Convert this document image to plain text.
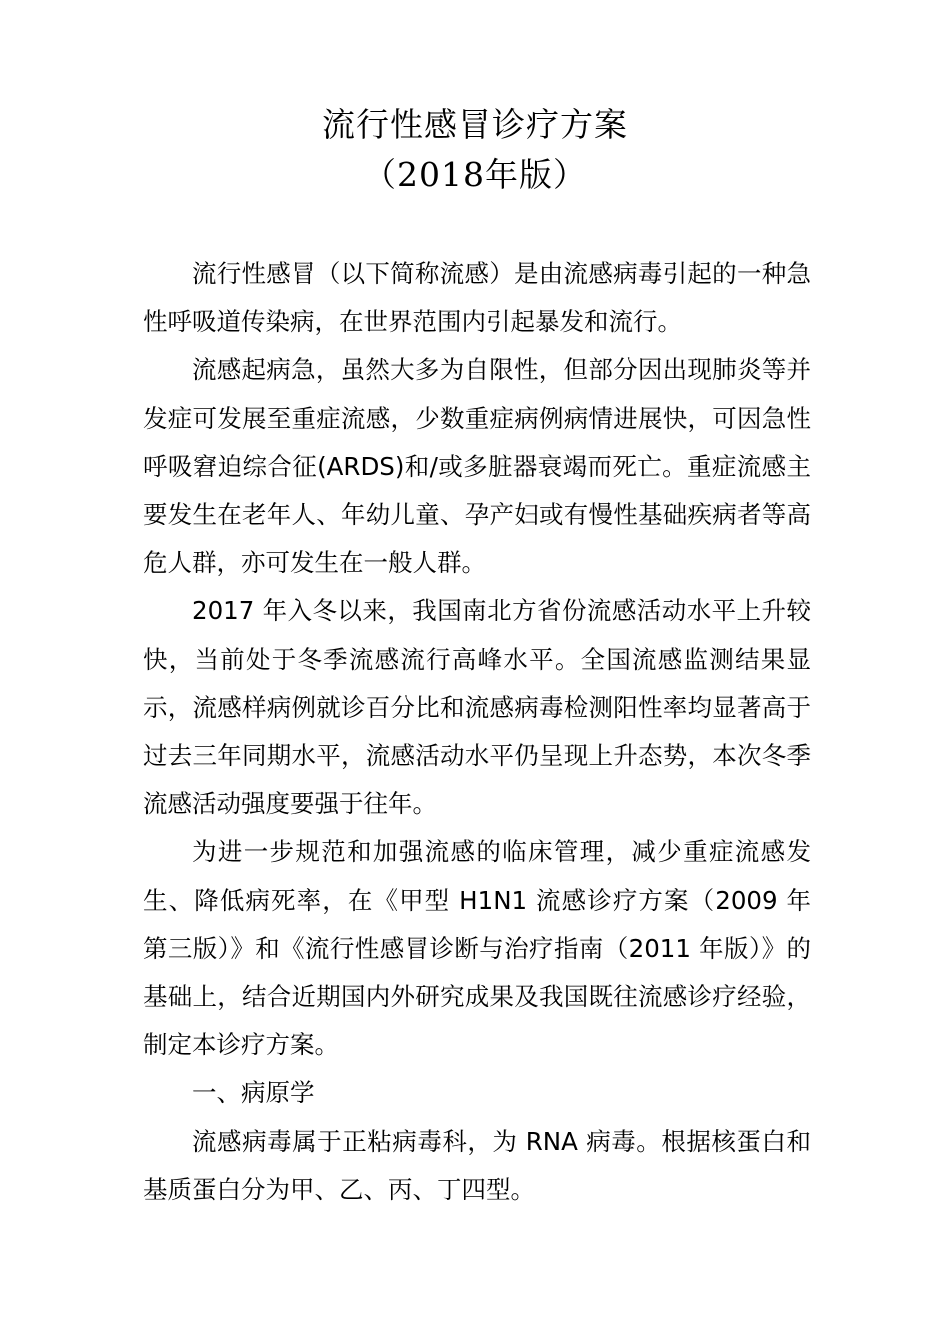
流行性感冒诊疗方案
（2018年版）

流行性感冒（以下简称流感）是由流感病毒引起的一种急性呼吸道传染病，在世界范围内引起暴发和流行。

流感起病急，虽然大多为自限性，但部分因出现肺炎等并发症可发展至重症流感，少数重症病例病情进展快，可因急性呼吸窘迫综合征(ARDS)和/或多脏器衰竭而死亡。重症流感主要发生在老年人、年幼儿童、孕产妇或有慢性基础疾病者等高危人群，亦可发生在一般人群。

2017 年入冬以来，我国南北方省份流感活动水平上升较快，当前处于冬季流感流行高峰水平。全国流感监测结果显示，流感样病例就诊百分比和流感病毒检测阳性率均显著高于过去三年同期水平，流感活动水平仍呈现上升态势，本次冬季流感活动强度要强于往年。

为进一步规范和加强流感的临床管理，减少重症流感发生、降低病死率，在《甲型 H1N1 流感诊疗方案（2009 年第三版）》和《流行性感冒诊断与治疗指南（2011 年版）》的基础上，结合近期国内外研究成果及我国既往流感诊疗经验，制定本诊疗方案。

一、病原学

流感病毒属于正粘病毒科，为 RNA 病毒。根据核蛋白和基质蛋白分为甲、乙、丙、丁四型。
